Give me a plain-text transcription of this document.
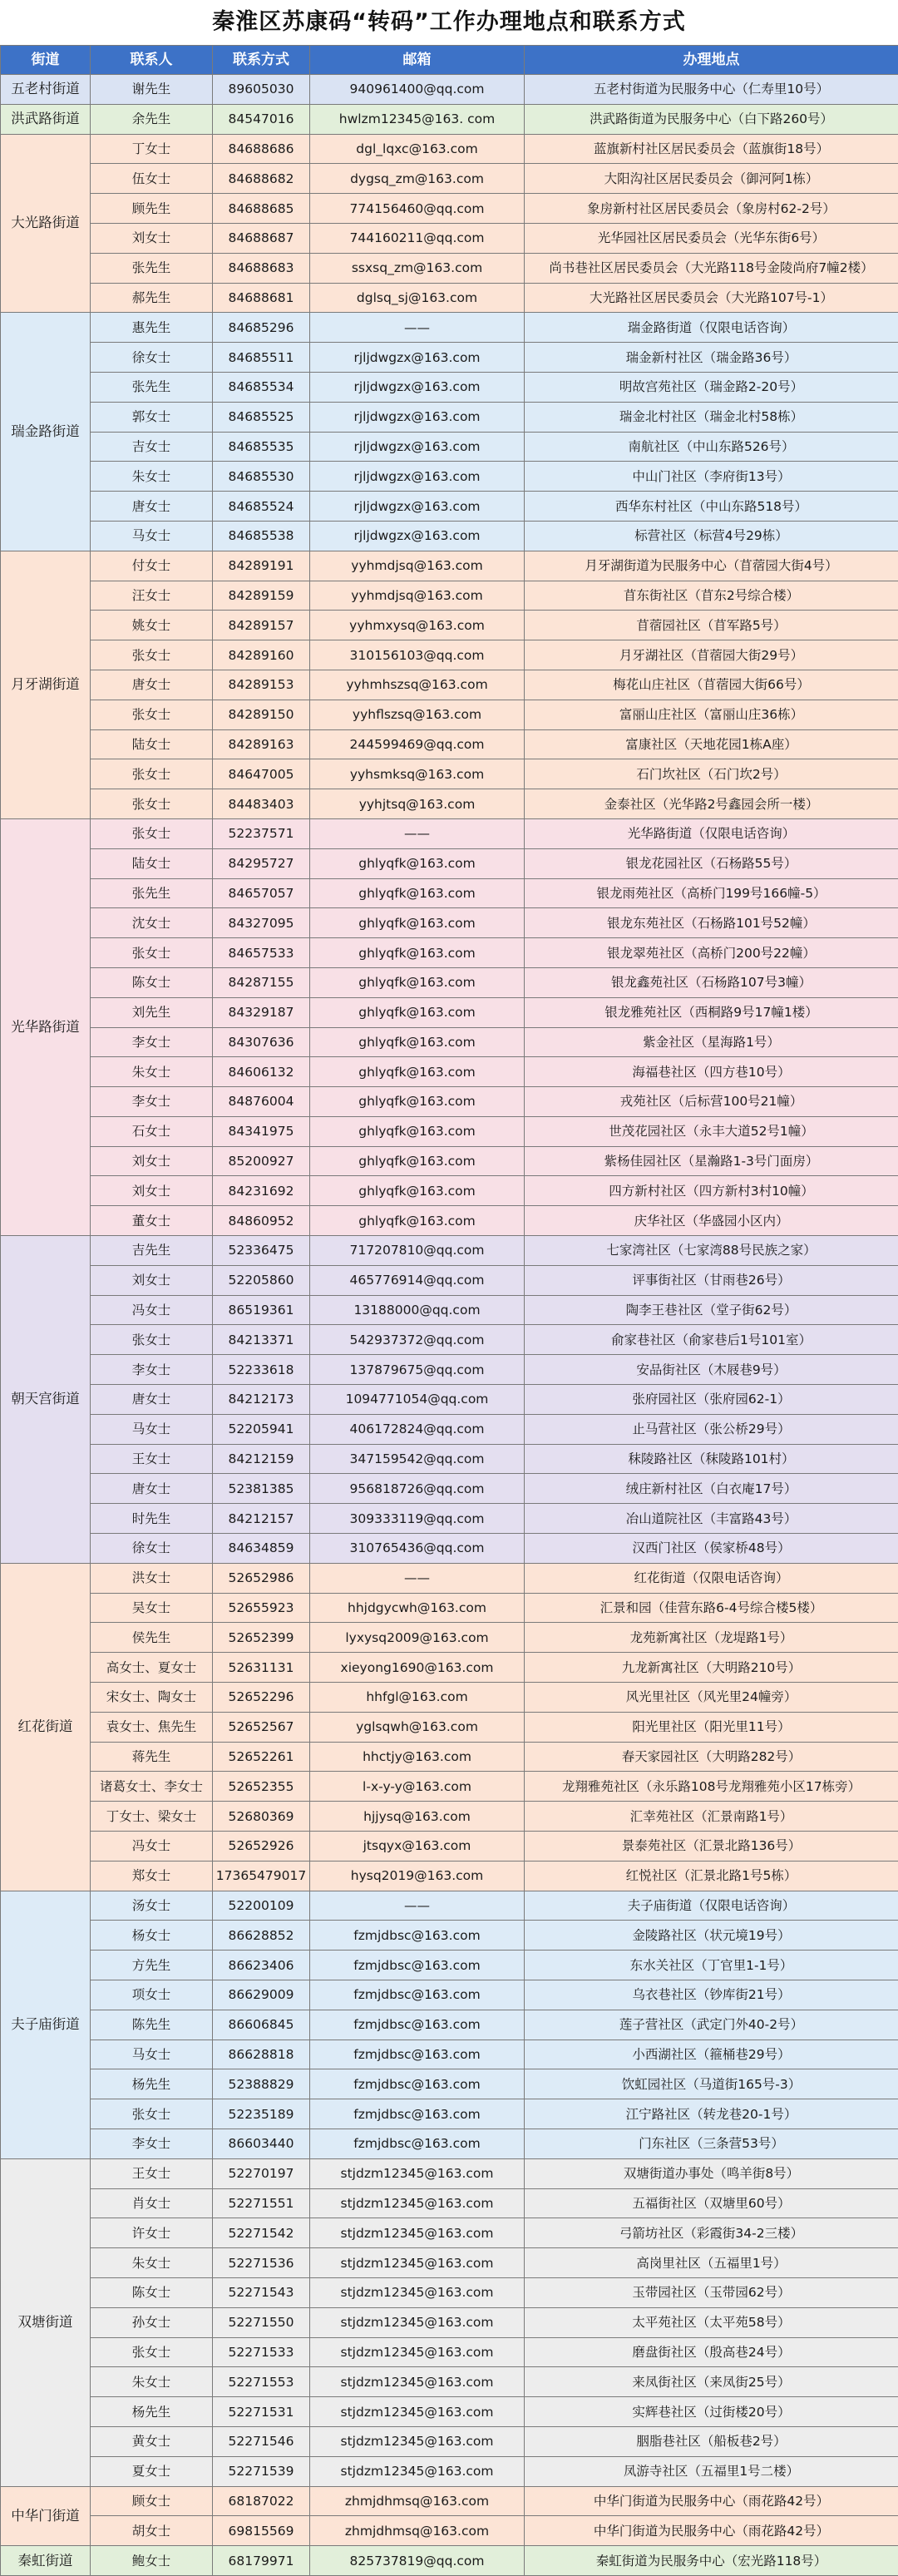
秦淮区苏康码“转码”工作办理地点和联系方式
街道	联系人	联系方式	邮箱	办理地点
五老村街道	谢先生	89605030	940961400@qq.com	五老村街道为民服务中心（仁寿里10号）
洪武路街道	余先生	84547016	hwlzm12345@163. com	洪武路街道为民服务中心（白下路260号）
大光路街道	丁女士	84688686	dgl_lqxc@163.com	蓝旗新村社区居民委员会（蓝旗街18号）
	伍女士	84688682	dygsq_zm@163.com	大阳沟社区居民委员会（御河阿1栋）
	顾先生	84688685	774156460@qq.com	象房新村社区居民委员会（象房村62-2号）
	刘女士	84688687	744160211@qq.com	光华园社区居民委员会（光华东街6号）
	张先生	84688683	ssxsq_zm@163.com	尚书巷社区居民委员会（大光路118号金陵尚府7幢2楼）
	郝先生	84688681	dglsq_sj@163.com	大光路社区居民委员会（大光路107号-1）
瑞金路街道	惠先生	84685296	——	瑞金路街道（仅限电话咨询）
	徐女士	84685511	rjljdwgzx@163.com	瑞金新村社区（瑞金路36号）
	张先生	84685534	rjljdwgzx@163.com	明故宫苑社区（瑞金路2-20号）
	郭女士	84685525	rjljdwgzx@163.com	瑞金北村社区（瑞金北村58栋）
	吉女士	84685535	rjljdwgzx@163.com	南航社区（中山东路526号）
	朱女士	84685530	rjljdwgzx@163.com	中山门社区（李府街13号）
	唐女士	84685524	rjljdwgzx@163.com	西华东村社区（中山东路518号）
	马女士	84685538	rjljdwgzx@163.com	标营社区（标营4号29栋）
月牙湖街道	付女士	84289191	yyhmdjsq@163.com	月牙湖街道为民服务中心（苜蓿园大街4号）
	汪女士	84289159	yyhmdjsq@163.com	苜东街社区（苜东2号综合楼）
	姚女士	84289157	yyhmxysq@163.com	苜蓿园社区（苜军路5号）
	张女士	84289160	310156103@qq.com	月牙湖社区（苜蓿园大街29号）
	唐女士	84289153	yyhmhszsq@163.com	梅花山庄社区（苜蓿园大街66号）
	张女士	84289150	yyhflszsq@163.com	富丽山庄社区（富丽山庄36栋）
	陆女士	84289163	244599469@qq.com	富康社区（天地花园1栋A座）
	张女士	84647005	yyhsmksq@163.com	石门坎社区（石门坎2号）
	张女士	84483403	yyhjtsq@163.com	金泰社区（光华路2号鑫园会所一楼）
光华路街道	张女士	52237571	——	光华路街道（仅限电话咨询）
	陆女士	84295727	ghlyqfk@163.com	银龙花园社区（石杨路55号）
	张先生	84657057	ghlyqfk@163.com	银龙雨苑社区（高桥门199号166幢-5）
	沈女士	84327095	ghlyqfk@163.com	银龙东苑社区（石杨路101号52幢）
	张女士	84657533	ghlyqfk@163.com	银龙翠苑社区（高桥门200号22幢）
	陈女士	84287155	ghlyqfk@163.com	银龙鑫苑社区（石杨路107号3幢）
	刘先生	84329187	ghlyqfk@163.com	银龙雅苑社区（西桐路9号17幢1楼）
	李女士	84307636	ghlyqfk@163.com	紫金社区（星海路1号）
	朱女士	84606132	ghlyqfk@163.com	海福巷社区（四方巷10号）
	李女士	84876004	ghlyqfk@163.com	戎苑社区（后标营100号21幢）
	石女士	84341975	ghlyqfk@163.com	世茂花园社区（永丰大道52号1幢）
	刘女士	85200927	ghlyqfk@163.com	紫杨佳园社区（星瀚路1-3号门面房）
	刘女士	84231692	ghlyqfk@163.com	四方新村社区（四方新村3村10幢）
	董女士	84860952	ghlyqfk@163.com	庆华社区（华盛园小区内）
朝天宫街道	吉先生	52336475	717207810@qq.com	七家湾社区（七家湾88号民族之家）
	刘女士	52205860	465776914@qq.com	评事街社区（甘雨巷26号）
	冯女士	86519361	13188000@qq.com	陶李王巷社区（堂子街62号）
	张女士	84213371	542937372@qq.com	俞家巷社区（俞家巷后1号101室）
	李女士	52233618	137879675@qq.com	安品街社区（木屐巷9号）
	唐女士	84212173	1094771054@qq.com	张府园社区（张府园62-1）
	马女士	52205941	406172824@qq.com	止马营社区（张公桥29号）
	王女士	84212159	347159542@qq.com	秣陵路社区（秣陵路101村）
	唐女士	52381385	956818726@qq.com	绒庄新村社区（白衣庵17号）
	时先生	84212157	309333119@qq.com	冶山道院社区（丰富路43号）
	徐女士	84634859	310765436@qq.com	汉西门社区（侯家桥48号）
红花街道	洪女士	52652986	——	红花街道（仅限电话咨询）
	吴女士	52655923	hhjdgycwh@163.com	汇景和园（佳营东路6-4号综合楼5楼）
	侯先生	52652399	lyxysq2009@163.com	龙苑新寓社区（龙堤路1号）
	高女士、夏女士	52631131	xieyong1690@163.com	九龙新寓社区（大明路210号）
	宋女士、陶女士	52652296	hhfgl@163.com	风光里社区（风光里24幢旁）
	袁女士、焦先生	52652567	yglsqwh@163.com	阳光里社区（阳光里11号）
	蒋先生	52652261	hhctjy@163.com	春天家园社区（大明路282号）
	诸葛女士、李女士	52652355	l-x-y-y@163.com	龙翔雅苑社区（永乐路108号龙翔雅苑小区17栋旁）
	丁女士、梁女士	52680369	hjjysq@163.com	汇幸苑社区（汇景南路1号）
	冯女士	52652926	jtsqyx@163.com	景泰苑社区（汇景北路136号）
	郑女士	17365479017	hysq2019@163.com	红悦社区（汇景北路1号5栋）
夫子庙街道	汤女士	52200109	——	夫子庙街道（仅限电话咨询）
	杨女士	86628852	fzmjdbsc@163.com	金陵路社区（状元境19号）
	方先生	86623406	fzmjdbsc@163.com	东水关社区（丁官里1-1号）
	项女士	86629009	fzmjdbsc@163.com	乌衣巷社区（钞库街21号）
	陈先生	86606845	fzmjdbsc@163.com	莲子营社区（武定门外40-2号）
	马女士	86628818	fzmjdbsc@163.com	小西湖社区（箍桶巷29号）
	杨先生	52388829	fzmjdbsc@163.com	饮虹园社区（马道街165号-3）
	张女士	52235189	fzmjdbsc@163.com	江宁路社区（转龙巷20-1号）
	李女士	86603440	fzmjdbsc@163.com	门东社区（三条营53号）
双塘街道	王女士	52270197	stjdzm12345@163.com	双塘街道办事处（鸣羊街8号）
	肖女士	52271551	stjdzm12345@163.com	五福街社区（双塘里60号）
	许女士	52271542	stjdzm12345@163.com	弓箭坊社区（彩霞街34-2三楼）
	朱女士	52271536	stjdzm12345@163.com	高岗里社区（五福里1号）
	陈女士	52271543	stjdzm12345@163.com	玉带园社区（玉带园62号）
	孙女士	52271550	stjdzm12345@163.com	太平苑社区（太平苑58号）
	张女士	52271533	stjdzm12345@163.com	磨盘街社区（殷高巷24号）
	朱女士	52271553	stjdzm12345@163.com	来凤街社区（来凤街25号）
	杨先生	52271531	stjdzm12345@163.com	实辉巷社区（过街楼20号）
	黄女士	52271546	stjdzm12345@163.com	胭脂巷社区（船板巷2号）
	夏女士	52271539	stjdzm12345@163.com	凤游寺社区（五福里1号二楼）
中华门街道	顾女士	68187022	zhmjdhmsq@163.com	中华门街道为民服务中心（雨花路42号）
	胡女士	69815569	zhmjdhmsq@163.com	中华门街道为民服务中心（雨花路42号）
秦虹街道	鲍女士	68179971	825737819@qq.com	秦虹街道为民服务中心（宏光路118号）
